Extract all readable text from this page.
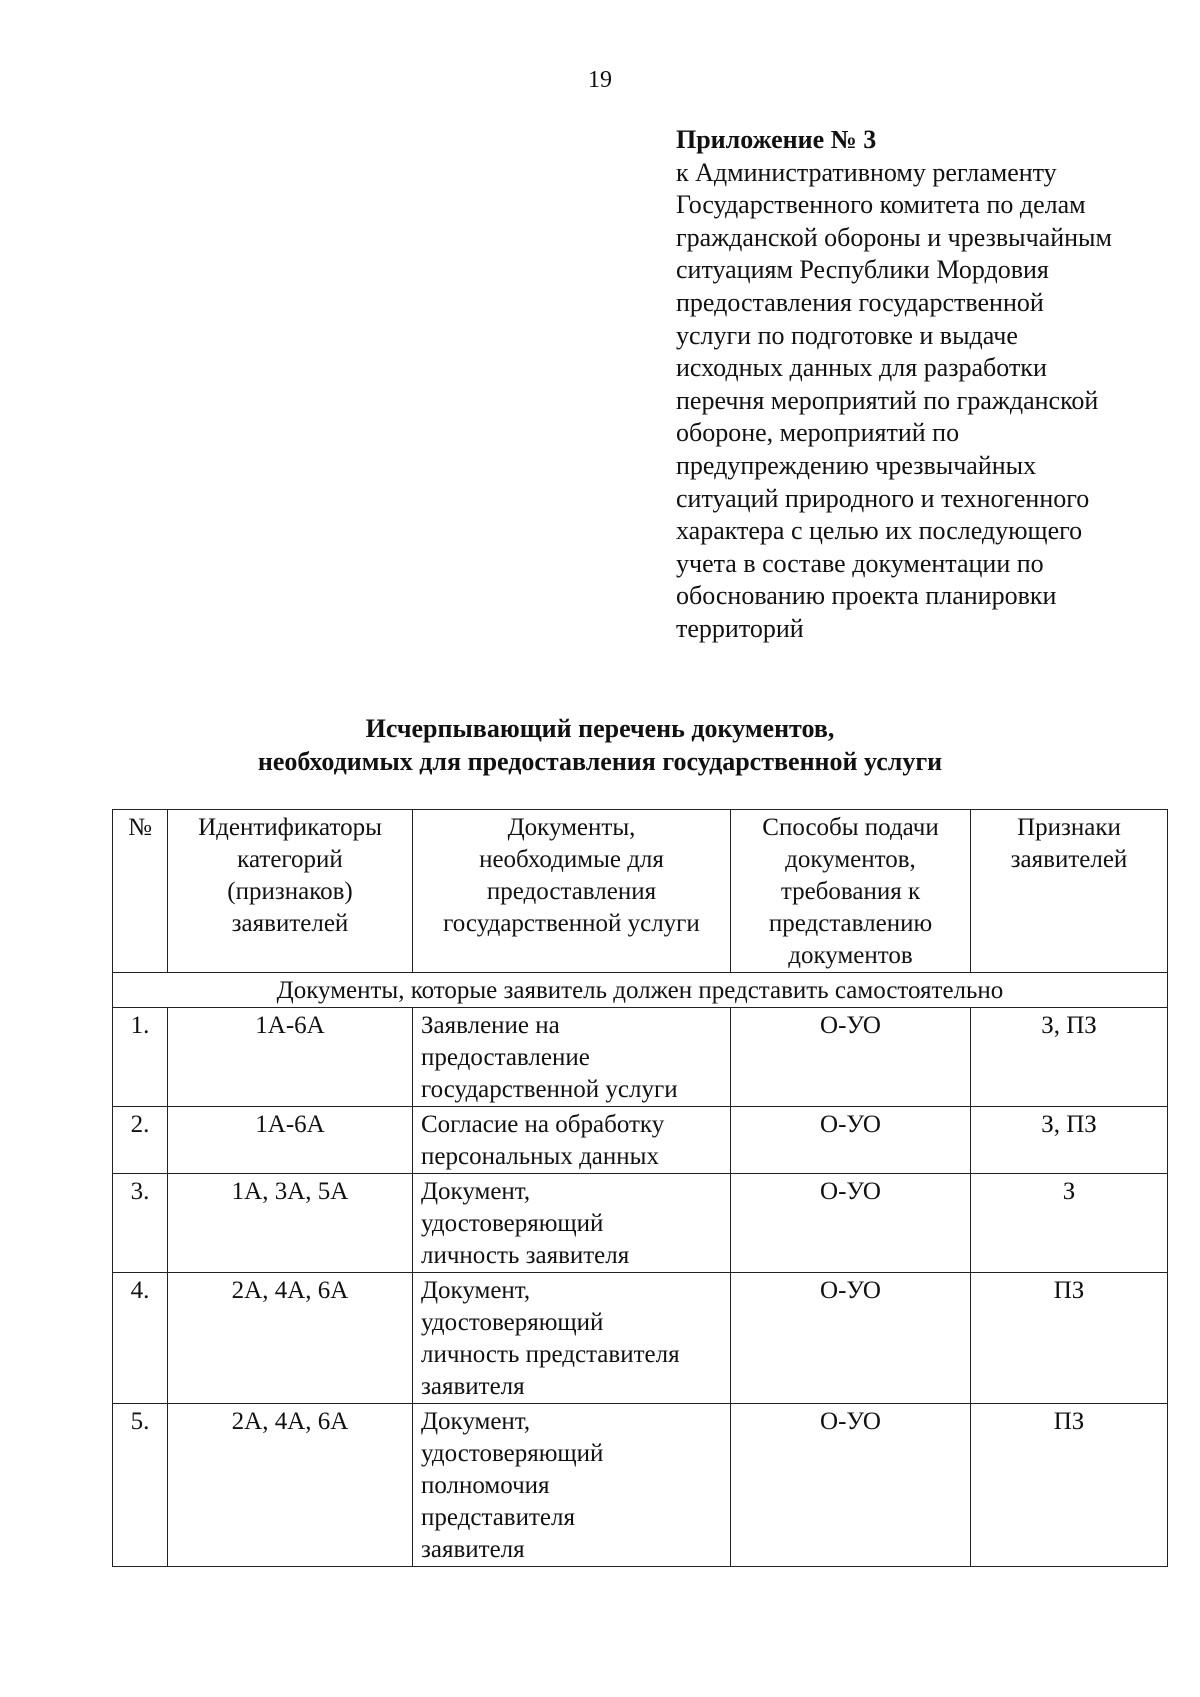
19
Приложение № 3
к Административному регламенту
Государственного комитета по делам
гражданской обороны и чрезвычайным
ситуациям Республики Мордовия
предоставления государственной
услуги по подготовке и выдаче
исходных данных для разработки
перечня мероприятий по гражданской
обороне, мероприятий по
предупреждению чрезвычайных
ситуаций природного и техногенного
характера с целью их последующего
учета в составе документации по
обоснованию проекта планировки
территорий
Исчерпывающий перечень документов,
необходимых для предоставления государственной услуги
№	Идентификаторы
категорий
(признаков)
заявителей	Документы,
необходимые для
предоставления
государственной услуги	Способы подачи
документов,
требования к
представлению
документов	Признаки
заявителей

Документы, которые заявитель должен представить самостоятельно				
1.	1А-6А	Заявление на
предоставление
государственной услуги	О-УО	З, ПЗ
2.	1А-6А	Согласие на обработку
персональных данных	О-УО	З, ПЗ
3.	1А, 3А, 5А	Документ,
удостоверяющий
личность заявителя	О-УО	З
4.	2А, 4А, 6А	Документ,
удостоверяющий
личность представителя
заявителя	О-УО	ПЗ
5.	2А, 4А, 6А	Документ,
удостоверяющий
полномочия
представителя
заявителя	О-УО	ПЗ
